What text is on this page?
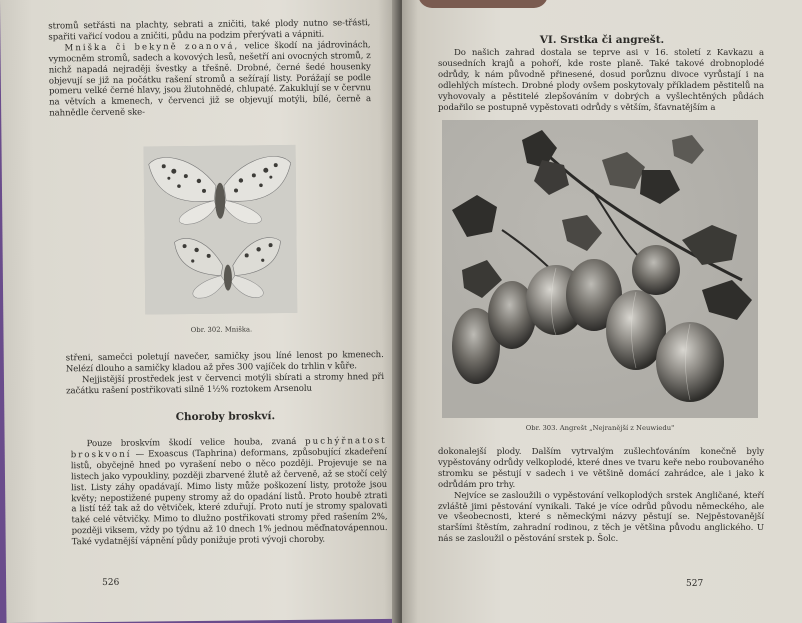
stromů setřásti na plachty, sebrati a zničiti, také plody nutno se-třásti, spařiti vařicí vodou a zničiti, půdu na podzim přerývati a vápniti.

Mniška či bekyně zoanová, velice škodí na jádrovinách, vymocněm stromů, sadech a kovových lesů, nešetří ani ovocných stromů, z nichž napadá nejraději švestky a třešně. Drobné, černé šedé housenky objevují se již na počátku rašení stromů a sežírají listy. Porážají se podle pomeru velké černé hlavy, jsou žlutohnědé, chlupaté. Zakuklují se v červnu na větvích a kmenech, v červenci již se objevují motýli, bílé, černě a nahnědle červeně ske-

Obr. 302. Mniška.

střeni, samečci poletují navečer, samičky jsou líné lenost po kmenech. Nelézí dlouho a samičky kladou až přes 300 vajíček do trhlin v kůře.

Nejjistější prostředek jest v červenci motýli sbírati a stromy hned při začátku rašení postřikovati silně 1½% roztokem Arsenolu

Choroby broskví.

Pouze broskvím škodí velice houba, zvaná puchýřnatost broskvoní — Exoascus (Taphrina) deformans, způsobující zkadeření listů, obyčejně hned po vyrašení nebo o něco později. Projevuje se na listech jako vypoukliny, později zbarvené žlutě až červeně, až se stočí celý list. Listy záhy opadávají. Mimo listy může poškození listy, protože jsou květy; nepostižené pupeny stromy až do opadání listů. Proto houbě ztrati a listí též tak až do větviček, které zduřují. Proto nutí je stromy spalovati také celé větvičky. Mimo to dlužno postřikovati stromy před rašením 2%, později viksem, vždy po týdnu až 10 dnech 1% jednou měďnatovápennou. Také vydatnější vápnění půdy ponižuje proti vývoji choroby.

526
VI. Srstka či angrešt.

Do našich zahrad dostala se teprve asi v 16. století z Kavkazu a sousedních krajů a pohoří, kde roste planě. Také takové drobnoplodé odrůdy, k nám původně přinesené, dosud porůznu divoce vyrůstají i na odlehlých místech. Drobné plody ovšem poskytovaly příkladem pěstitelů na vyhovovaly a pěstitelé zlepšováním v dobrých a vyšlechtěných půdách podařilo se postupně vypěstovati odrůdy s větším, šťavnatějším a

Obr. 303. Angrešt „Nejranější z Neuwiedu"

dokonalejší plody. Dalším vytrvalým zušlechťováním konečně byly vypěstovány odrůdy velkoplodé, které dnes ve tvaru keře nebo roubovaného stromku se pěstují v sadech i ve většině domácí zahrádce, ale i jako k odrůdám pro trhy.

Nejvíce se zasloužili o vypěstování velkoplodých srstek Angličané, kteří zvláště jimi pěstování vynikali. Také je více odrůd původu německého, ale ve všeobecnosti, které s německými názvy pěstují se. Nejpěstovanější staršími štěstím, zahradní rodinou, z těch je většina původu anglického. U nás se zasloužil o pěstování srstek p. Šolc.

527
